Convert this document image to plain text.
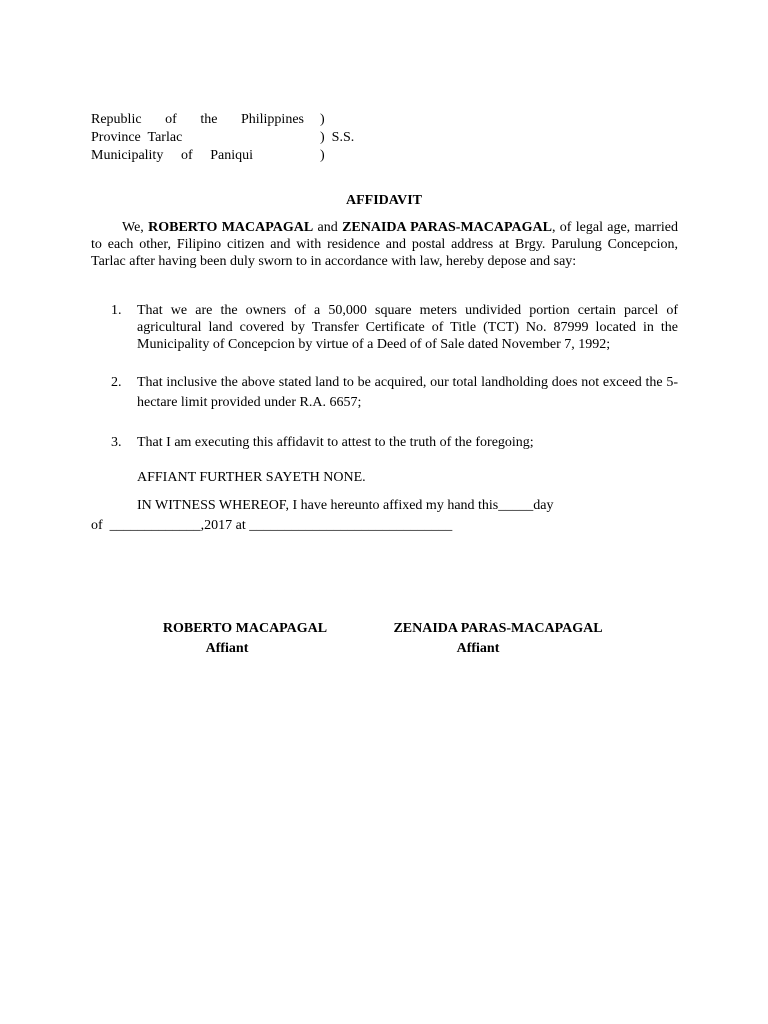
Republic of the Philippines )
Province  Tarlac	)  S.S.
Municipality of Paniqui	)
AFFIDAVIT
We, ROBERTO MACAPAGAL and ZENAIDA PARAS-MACAPAGAL, of legal age, married to each other, Filipino citizen and with residence and postal address at Brgy. Parulung Concepcion, Tarlac after having been duly sworn to in accordance with law, hereby depose and say:
1. That we are the owners of a 50,000 square meters undivided portion certain parcel of agricultural land covered by Transfer Certificate of Title (TCT) No. 87999 located in the Municipality of Concepcion by virtue of a Deed of of Sale dated November 7, 1992;
2. That inclusive the above stated land to be acquired, our total landholding does not exceed the 5-hectare limit provided under R.A. 6657;
3. That I am executing this affidavit to attest to the truth of the foregoing;
AFFIANT FURTHER SAYETH NONE.
IN WITNESS WHEREOF, I have hereunto affixed my hand this_____day
of  _____________,2017 at _____________________________
ROBERTO MACAPAGAL
Affiant
ZENAIDA PARAS-MACAPAGAL
Affiant
